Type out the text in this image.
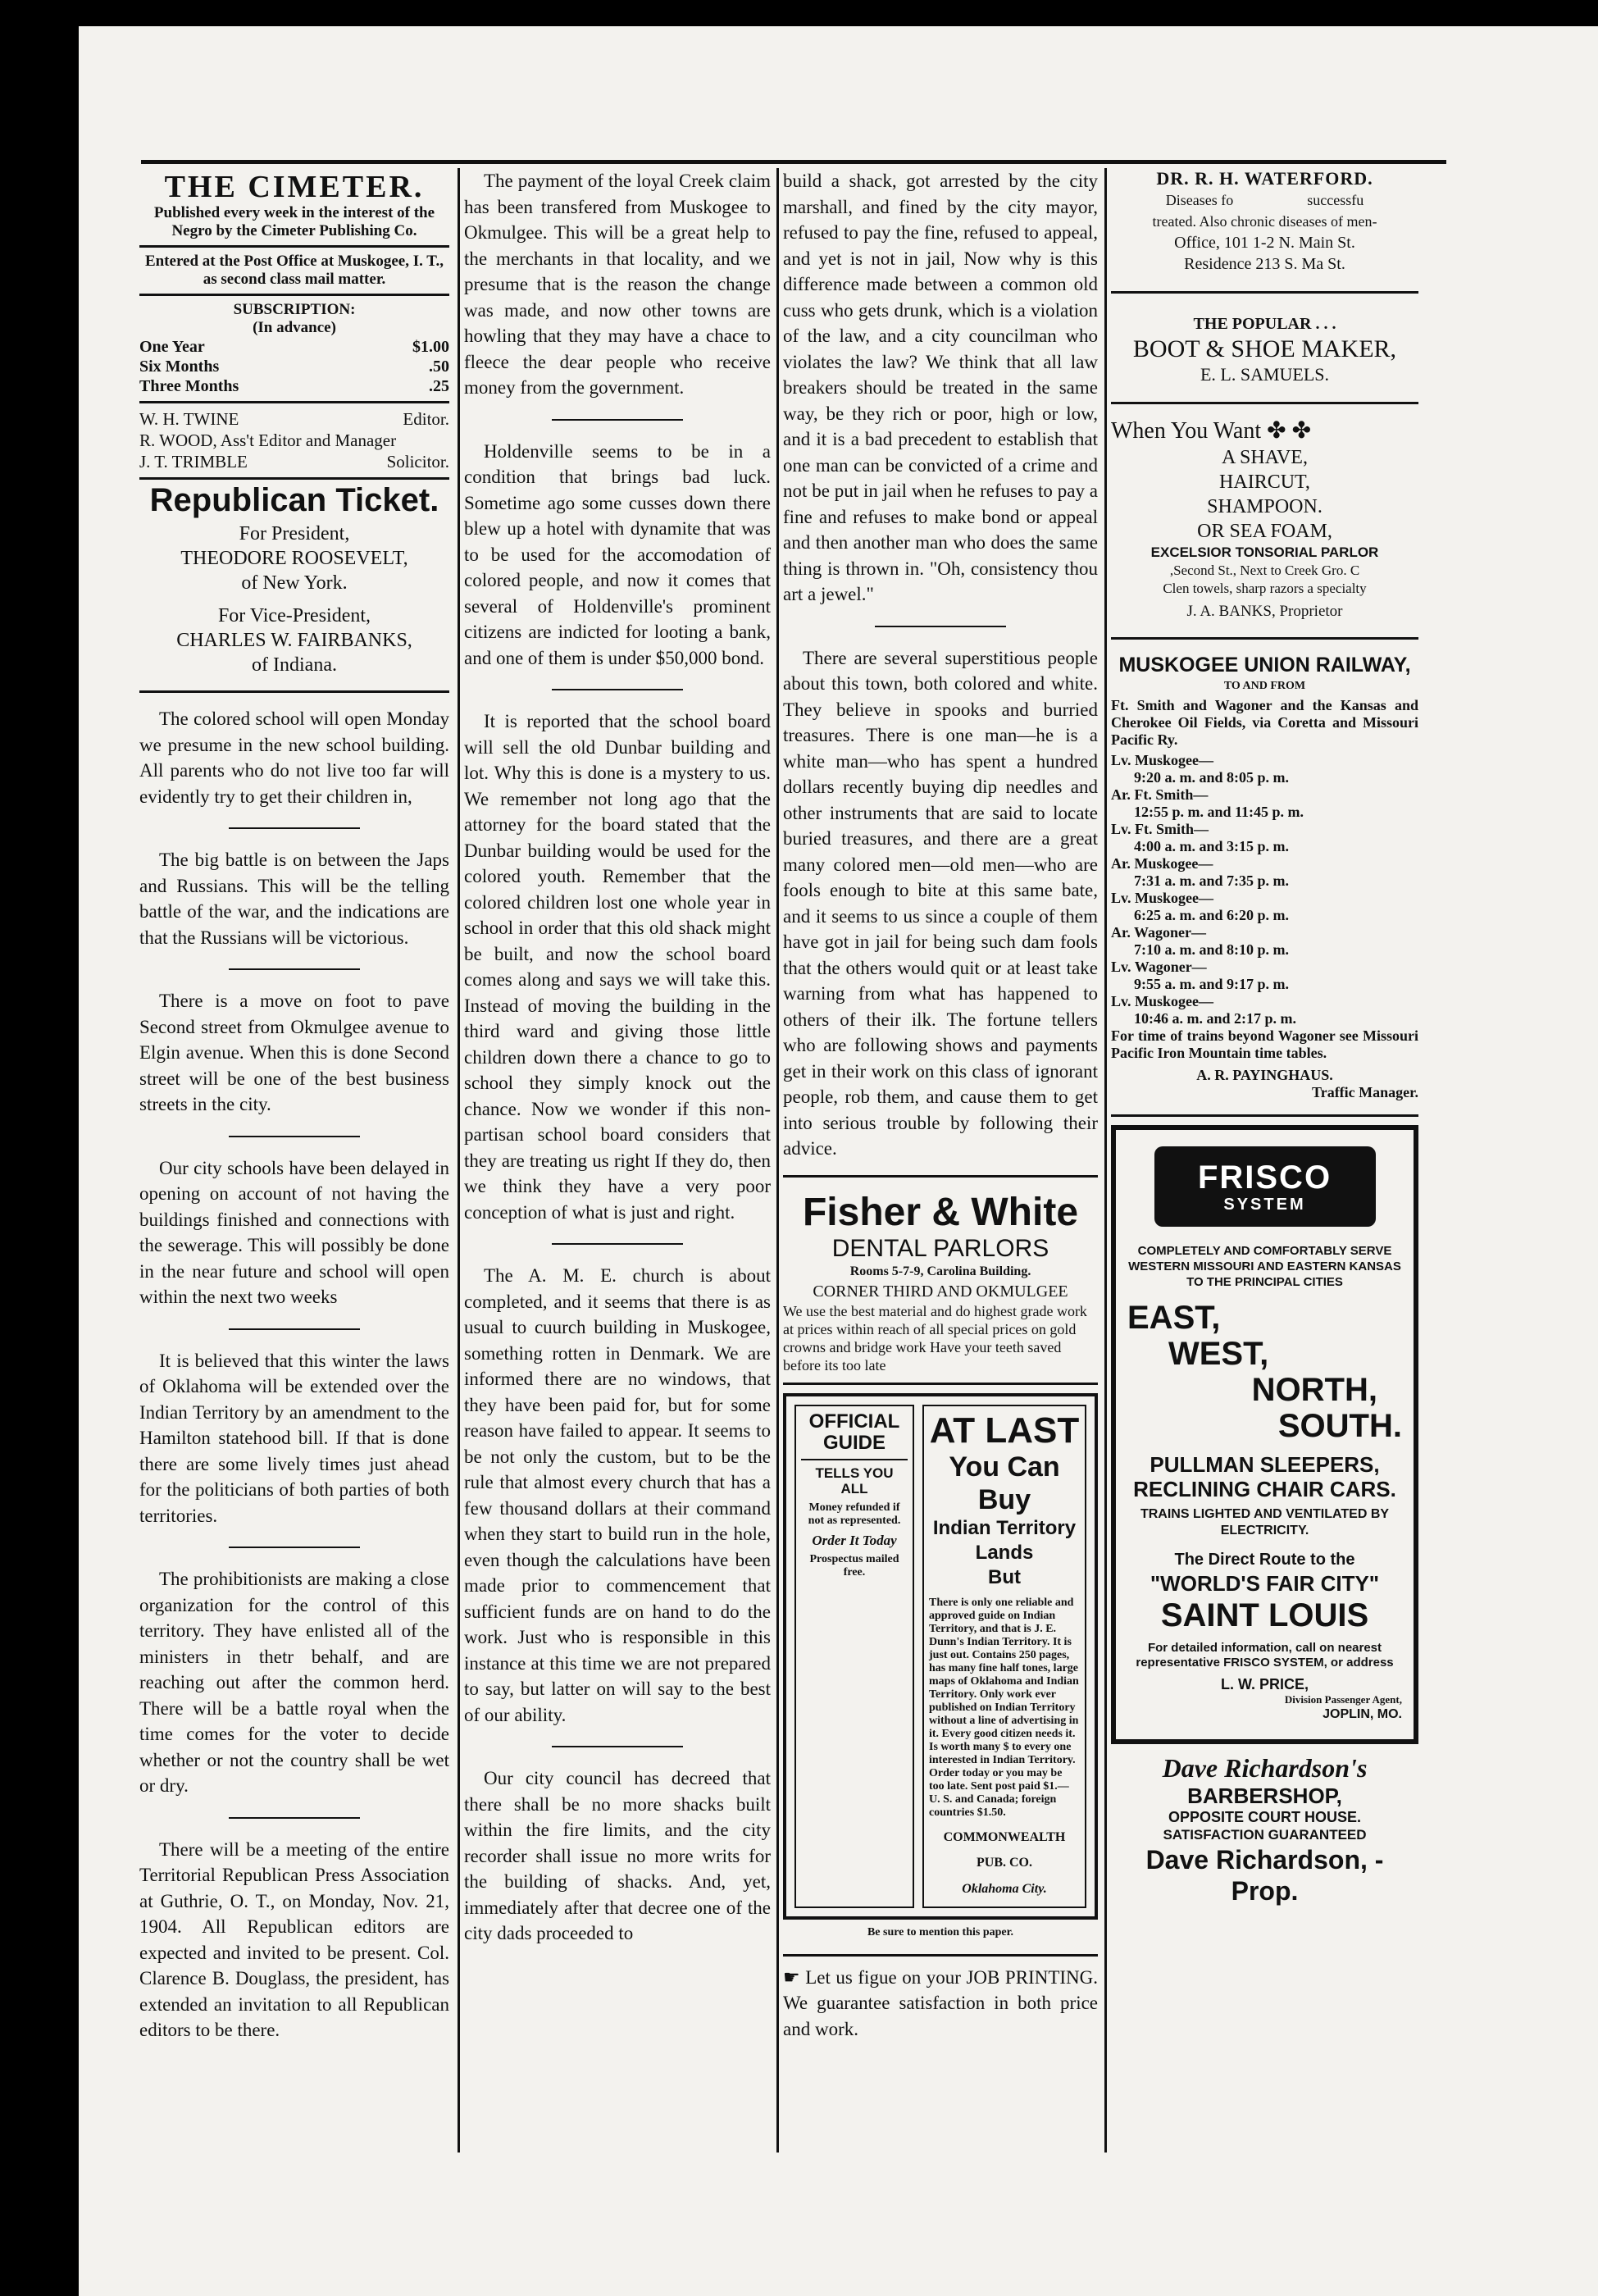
THE CIMETER.
Published every week in the interest of the Negro by the Cimeter Publishing Co.
Entered at the Post Office at Muskogee, I. T., as second class mail matter.
SUBSCRIPTION:
(In advance)
One Year	$1.00
Six Months	.50
Three Months	.25
W. H. TWINE	Editor.
R. WOOD, Ass't Editor and Manager
J. T. TRIMBLE	Solicitor.
Republican Ticket.
For President,
THEODORE ROOSEVELT,
of New York.
For Vice-President,
CHARLES W. FAIRBANKS,
of Indiana.

The colored school will open Monday we presume in the new school building. All parents who do not live too far will evidently try to get their children in,

The big battle is on between the Japs and Russians. This will be the telling battle of the war, and the indications are that the Russians will be victorious.

There is a move on foot to pave Second street from Okmulgee avenue to Elgin avenue. When this is done Second street will be one of the best business streets in the city.

Our city schools have been delayed in opening on account of not having the buildings finished and connections with the sewerage. This will possibly be done in the near future and school will open within the next two weeks

It is believed that this winter the laws of Oklahoma will be extended over the Indian Territory by an amendment to the Hamilton statehood bill. If that is done there are some lively times just ahead for the politicians of both parties of both territories.

The prohibitionists are making a close organization for the control of this territory. They have enlisted all of the ministers in thetr behalf, and are reaching out after the common herd. There will be a battle royal when the time comes for the voter to decide whether or not the country shall be wet or dry.

There will be a meeting of the entire Territorial Republican Press Association at Guthrie, O. T., on Monday, Nov. 21, 1904. All Republican editors are expected and invited to be present. Col. Clarence B. Douglass, the president, has extended an invitation to all Republican editors to be there.

The payment of the loyal Creek claim has been transfered from Muskogee to Okmulgee. This will be a great help to the merchants in that locality, and we presume that is the reason the change was made, and now other towns are howling that they may have a chace to fleece the dear people who receive money from the government.

Holdenville seems to be in a condition that brings bad luck. Sometime ago some cusses down there blew up a hotel with dynamite that was to be used for the accomodation of colored people, and now it comes that several of Holdenville's prominent citizens are indicted for looting a bank, and one of them is under $50,000 bond.

It is reported that the school board will sell the old Dunbar building and lot. Why this is done is a mystery to us. We remember not long ago that the attorney for the board stated that the Dunbar building would be used for the colored youth. Remember that the colored children lost one whole year in school in order that this old shack might be built, and now the school board comes along and says we will take this. Instead of moving the building in the third ward and giving those little children down there a chance to go to school they simply knock out the chance. Now we wonder if this non-partisan school board considers that they are treating us right If they do, then we think they have a very poor conception of what is just and right.

The A. M. E. church is about completed, and it seems that there is as usual to cuurch building in Muskogee, something rotten in Denmark. We are informed there are no windows, that they have been paid for, but for some reason have failed to appear. It seems to be not only the custom, but to be the rule that almost every church that has a few thousand dollars at their command when they start to build run in the hole, even though the calculations have been made prior to commencement that sufficient funds are on hand to do the work. Just who is responsible in this instance at this time we are not prepared to say, but latter on will say to the best of our ability.

Our city council has decreed that there shall be no more shacks built within the fire limits, and the city recorder shall issue no more writs for the building of shacks. And, yet, immediately after that decree one of the city dads proceeded to

build a shack, got arrested by the city marshall, and fined by the city mayor, refused to pay the fine, refused to appeal, and yet is not in jail, Now why is this difference made between a common old cuss who gets drunk, which is a violation of the law, and a city councilman who violates the law? We think that all law breakers should be treated in the same way, be they rich or poor, high or low, and it is a bad precedent to establish that one man can be convicted of a crime and not be put in jail when he refuses to pay a fine and refuses to make bond or appeal and then another man who does the same thing is thrown in. "Oh, consistency thou art a jewel."

There are several superstitious people about this town, both colored and white. They believe in spooks and burried treasures. There is one man—he is a white man—who has spent a hundred dollars recently buying dip needles and other instruments that are said to locate buried treasures, and there are a great many colored men—old men—who are fools enough to bite at this same bate, and it seems to us since a couple of them have got in jail for being such dam fools that the others would quit or at least take warning from what has happened to others of their ilk. The fortune tellers who are following shows and payments get in their work on this class of ignorant people, rob them, and cause them to get into serious trouble by following their advice.

Fisher & White
DENTAL PARLORS
Rooms 5-7-9, Carolina Building.
CORNER THIRD AND OKMULGEE
We use the best material and do highest grade work at prices within reach of all special prices on gold crowns and bridge work Have your teeth saved before its too late
OFFICIAL GUIDE
TELLS YOU ALL
Money refunded if not as represented.
Order It Today
Prospectus mailed free.
AT LAST
You Can Buy
Indian Territory Lands
But
There is only one reliable and approved guide on Indian Territory, and that is J. E. Dunn's Indian Territory. It is just out. Contains 250 pages, has many fine half tones, large maps of Oklahoma and Indian Territory. Only work ever published on Indian Territory without a line of advertising in it. Every good citizen needs it. Is worth many $ to every one interested in Indian Territory. Order today or you may be too late. Sent post paid $1.—U. S. and Canada; foreign countries $1.50.
COMMONWEALTH PUB. CO.
Oklahoma City.
Be sure to mention this paper.

☛ Let us figue on your JOB PRINTING. We guarantee satisfaction in both price and work.

DR. R. H. WATERFORD.
Diseases fo                    successfu
treated. Also chronic diseases of men-
Office, 101 1-2 N. Main St.
Residence 213 S. Ma St.
THE POPULAR . . .
BOOT & SHOE MAKER,
E. L. SAMUELS.
When You Want ✤ ✤
A SHAVE,
HAIRCUT,
SHAMPOON.
OR SEA FOAM,
EXCELSIOR TONSORIAL PARLOR
,Second St., Next to Creek Gro. C
Clen towels, sharp razors a specialty
J. A. BANKS, Proprietor
MUSKOGEE UNION RAILWAY,
TO AND FROM
Ft. Smith and Wagoner and the Kansas and Cherokee Oil Fields, via Coretta and Missouri Pacific Ry.
Lv. Muskogee—
9:20 a. m. and 8:05 p. m.
Ar. Ft. Smith—
12:55 p. m. and 11:45 p. m.
Lv. Ft. Smith—
4:00 a. m. and 3:15 p. m.
Ar. Muskogee—
7:31 a. m. and 7:35 p. m.
Lv. Muskogee—
6:25 a. m. and 6:20 p. m.
Ar. Wagoner—
7:10 a. m. and 8:10 p. m.
Lv. Wagoner—
9:55 a. m. and 9:17 p. m.
Lv. Muskogee—
10:46 a. m. and 2:17 p. m.
For time of trains beyond Wagoner see Missouri Pacific Iron Mountain time tables.
A. R. PAYINGHAUS.
Traffic Manager.
FRISCO
SYSTEM
COMPLETELY AND COMFORTABLY SERVE WESTERN MISSOURI AND EASTERN KANSAS TO THE PRINCIPAL CITIES
EAST,
WEST,
NORTH,
SOUTH.
PULLMAN SLEEPERS, RECLINING CHAIR CARS.
TRAINS LIGHTED AND VENTILATED BY ELECTRICITY.
The Direct Route to the
"WORLD'S FAIR CITY"
SAINT LOUIS
For detailed information, call on nearest representative FRISCO SYSTEM, or address
L. W. PRICE,
Division Passenger Agent,
JOPLIN, MO.
Dave Richardson's
BARBERSHOP,
OPPOSITE COURT HOUSE.
SATISFACTION GUARANTEED
Dave Richardson, - Prop.
